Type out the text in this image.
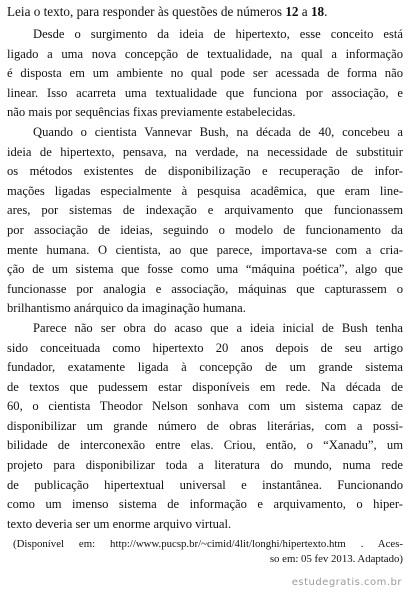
Leia o texto, para responder às questões de números 12 a 18.

Desde o surgimento da ideia de hipertexto, esse conceito está
ligado a uma nova concepção de textualidade, na qual a informação
é disposta em um ambiente no qual pode ser acessada de forma não
linear. Isso acarreta uma textualidade que funciona por associação, e
não mais por sequências fixas previamente estabelecidas.
Quando o cientista Vannevar Bush, na década de 40, concebeu a
ideia de hipertexto, pensava, na verdade, na necessidade de substituir
os métodos existentes de disponibilização e recuperação de infor-
mações ligadas especialmente à pesquisa acadêmica, que eram line-
ares, por sistemas de indexação e arquivamento que funcionassem
por associação de ideias, seguindo o modelo de funcionamento da
mente humana. O cientista, ao que parece, importava-se com a cria-
ção de um sistema que fosse como uma “máquina poética”, algo que
funcionasse por analogia e associação, máquinas que capturassem o
brilhantismo anárquico da imaginação humana.
Parece não ser obra do acaso que a ideia inicial de Bush tenha
sido conceituada como hipertexto 20 anos depois de seu artigo
fundador, exatamente ligada à concepção de um grande sistema
de textos que pudessem estar disponíveis em rede. Na década de
60, o cientista Theodor Nelson sonhava com um sistema capaz de
disponibilizar um grande número de obras literárias, com a possi-
bilidade de interconexão entre elas. Criou, então, o “Xanadu”, um
projeto para disponibilizar toda a literatura do mundo, numa rede
de publicação hipertextual universal e instantânea. Funcionando
como um imenso sistema de informação e arquivamento, o hiper-
texto deveria ser um enorme arquivo virtual.
(Disponível em: http://www.pucsp.br/~cimid/4lit/longhi/hipertexto.htm . Aces-
so em: 05 fev 2013. Adaptado)
estudegratis.com.br
